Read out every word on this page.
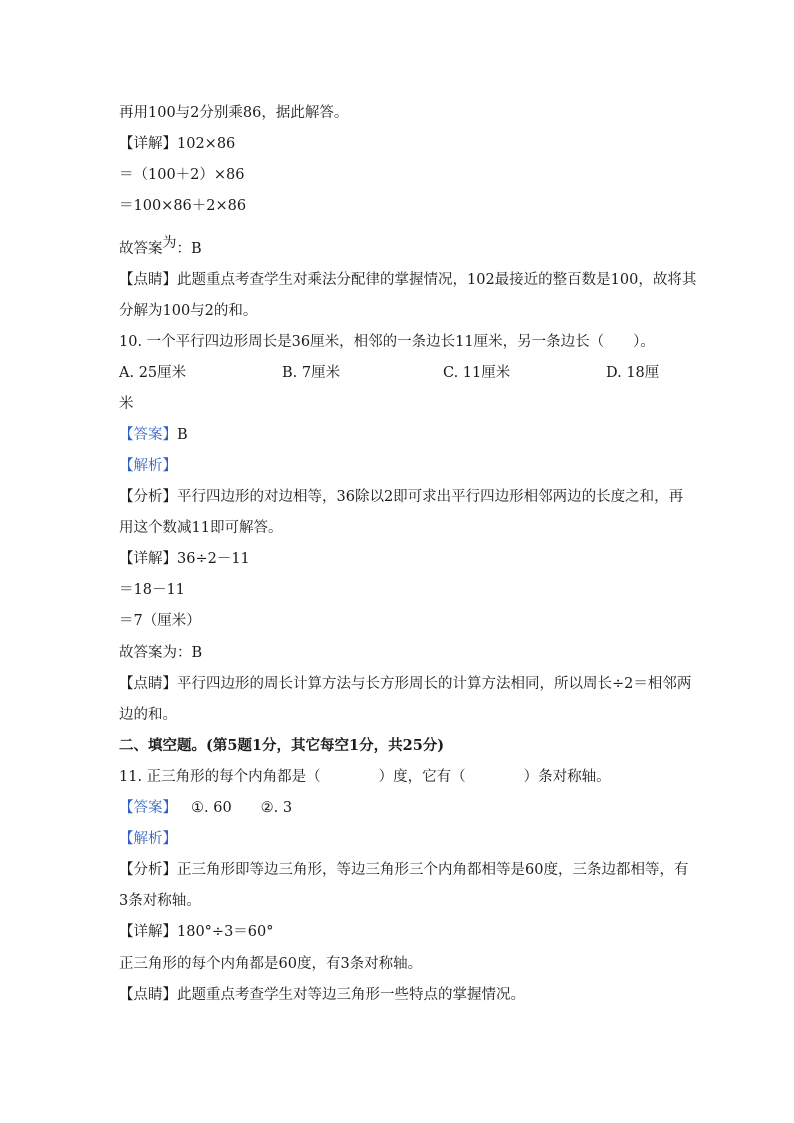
再用100与2分别乘86，据此解答。
【详解】102×86
＝（100＋2）×86
＝100×86＋2×86
故答案为：B
【点睛】此题重点考查学生对乘法分配律的掌握情况，102最接近的整百数是100，故将其
分解为100与2的和。
10. 一个平行四边形周长是36厘米，相邻的一条边长11厘米，另一条边长（　　）。
A. 25厘米	B. 7厘米	C. 11厘米	D. 18厘
米
【答案】B
【解析】
【分析】平行四边形的对边相等，36除以2即可求出平行四边形相邻两边的长度之和，再
用这个数减11即可解答。
【详解】36÷2－11
＝18－11
＝7（厘米）
故答案为：B
【点睛】平行四边形的周长计算方法与长方形周长的计算方法相同，所以周长÷2＝相邻两
边的和。
二、填空题。(第5题1分，其它每空1分，共25分)
11. 正三角形的每个内角都是（　　　　）度，它有（　　　　）条对称轴。
【答案】 ①. 60　　②. 3
【解析】
【分析】正三角形即等边三角形，等边三角形三个内角都相等是60度，三条边都相等，有
3条对称轴。
【详解】180°÷3＝60°
正三角形的每个内角都是60度，有3条对称轴。
【点睛】此题重点考查学生对等边三角形一些特点的掌握情况。
